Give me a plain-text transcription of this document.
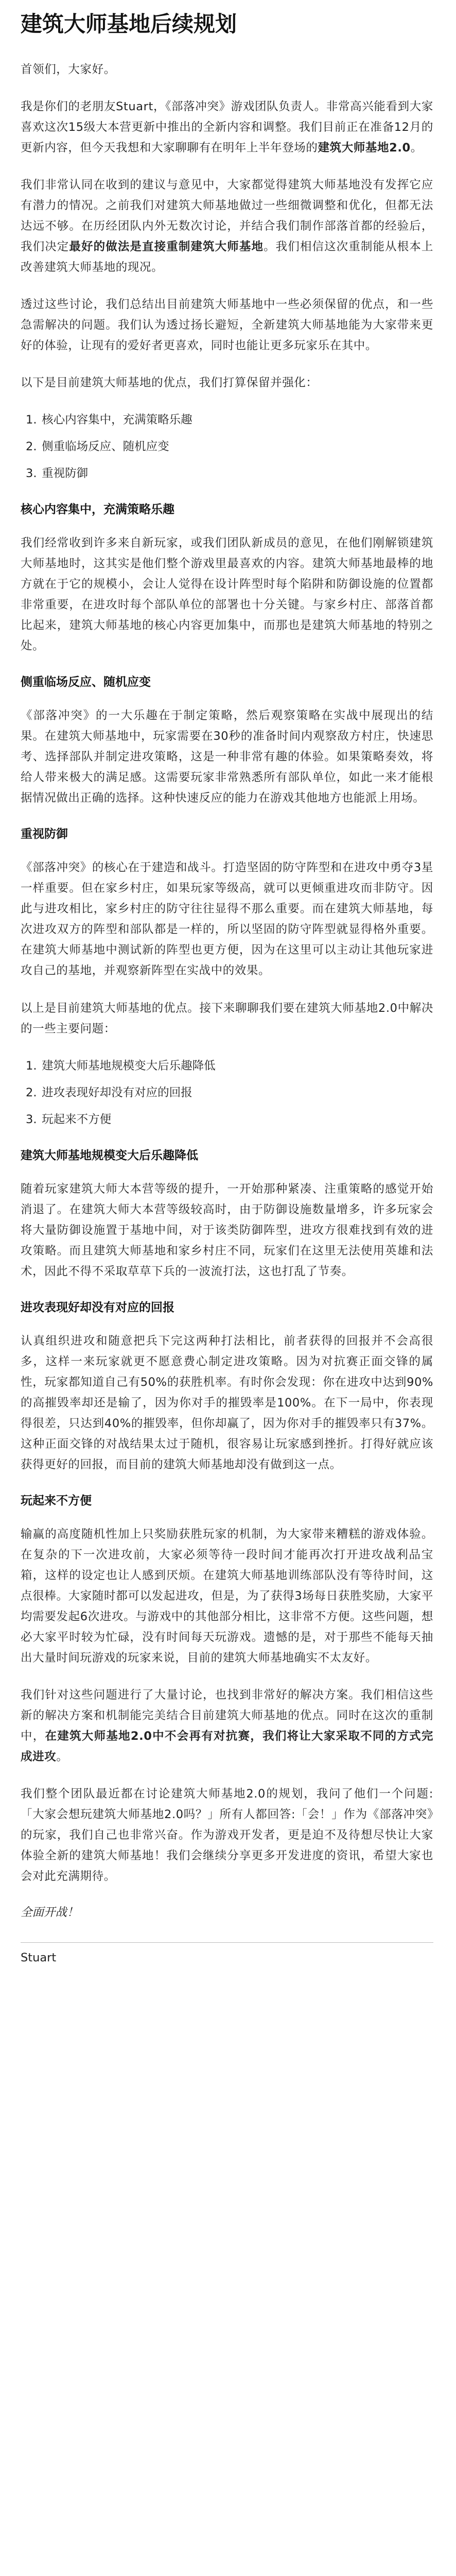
建筑大师基地后续规划

首领们，大家好。

我是你们的老朋友Stuart，《部落冲突》游戏团队负责人。非常高兴能看到大家喜欢这次15级大本营更新中推出的全新内容和调整。我们目前正在准备12月的更新内容，但今天我想和大家聊聊有在明年上半年登场的建筑大师基地2.0。

我们非常认同在收到的建议与意见中，大家都觉得建筑大师基地没有发挥它应有潜力的情况。之前我们对建筑大师基地做过一些细微调整和优化，但都无法达远不够。在历经团队内外无数次讨论，并结合我们制作部落首都的经验后，我们决定最好的做法是直接重制建筑大师基地。我们相信这次重制能从根本上改善建筑大师基地的现况。

透过这些讨论，我们总结出目前建筑大师基地中一些必须保留的优点，和一些急需解决的问题。我们认为透过扬长避短，全新建筑大师基地能为大家带来更好的体验，让现有的爱好者更喜欢，同时也能让更多玩家乐在其中。

以下是目前建筑大师基地的优点，我们打算保留并强化：

1. 核心内容集中，充满策略乐趣
2. 侧重临场反应、随机应变
3. 重视防御
核心内容集中，充满策略乐趣

我们经常收到许多来自新玩家，或我们团队新成员的意见，在他们刚解锁建筑大师基地时，这其实是他们整个游戏里最喜欢的内容。建筑大师基地最棒的地方就在于它的规模小，会让人觉得在设计阵型时每个陷阱和防御设施的位置都非常重要，在进攻时每个部队单位的部署也十分关键。与家乡村庄、部落首都比起来，建筑大师基地的核心内容更加集中，而那也是建筑大师基地的特别之处。

侧重临场反应、随机应变

《部落冲突》的一大乐趣在于制定策略，然后观察策略在实战中展现出的结果。在建筑大师基地中，玩家需要在30秒的准备时间内观察敌方村庄，快速思考、选择部队并制定进攻策略，这是一种非常有趣的体验。如果策略奏效，将给人带来极大的满足感。这需要玩家非常熟悉所有部队单位，如此一来才能根据情况做出正确的选择。这种快速反应的能力在游戏其他地方也能派上用场。

重视防御

《部落冲突》的核心在于建造和战斗。打造坚固的防守阵型和在进攻中勇夺3星一样重要。但在家乡村庄，如果玩家等级高，就可以更倾重进攻而非防守。因此与进攻相比，家乡村庄的防守往往显得不那么重要。而在建筑大师基地，每次进攻双方的阵型和部队都是一样的，所以坚固的防守阵型就显得格外重要。在建筑大师基地中测试新的阵型也更方便，因为在这里可以主动让其他玩家进攻自己的基地，并观察新阵型在实战中的效果。

以上是目前建筑大师基地的优点。接下来聊聊我们要在建筑大师基地2.0中解决的一些主要问题：

1. 建筑大师基地规模变大后乐趣降低
2. 进攻表现好却没有对应的回报
3. 玩起来不方便
建筑大师基地规模变大后乐趣降低

随着玩家建筑大师大本营等级的提升，一开始那种紧凑、注重策略的感觉开始消退了。在建筑大师大本营等级较高时，由于防御设施数量增多，许多玩家会将大量防御设施置于基地中间，对于该类防御阵型，进攻方很难找到有效的进攻策略。而且建筑大师基地和家乡村庄不同，玩家们在这里无法使用英雄和法术，因此不得不采取草草下兵的一波流打法，这也打乱了节奏。

进攻表现好却没有对应的回报

认真组织进攻和随意把兵下完这两种打法相比，前者获得的回报并不会高很多，这样一来玩家就更不愿意费心制定进攻策略。因为对抗赛正面交锋的属性，玩家都知道自己有50%的获胜机率。有时你会发现：你在进攻中达到90%的高摧毁率却还是输了，因为你对手的摧毁率是100%。在下一局中，你表现得很差，只达到40%的摧毁率，但你却赢了，因为你对手的摧毁率只有37%。这种正面交锋的对战结果太过于随机，很容易让玩家感到挫折。打得好就应该获得更好的回报，而目前的建筑大师基地却没有做到这一点。

玩起来不方便

输赢的高度随机性加上只奖励获胜玩家的机制，为大家带来糟糕的游戏体验。在复杂的下一次进攻前，大家必须等待一段时间才能再次打开进攻战利品宝箱，这样的设定也让人感到厌烦。在建筑大师基地训练部队没有等待时间，这点很棒。大家随时都可以发起进攻，但是，为了获得3场每日获胜奖励，大家平均需要发起6次进攻。与游戏中的其他部分相比，这非常不方便。这些问题，想必大家平时较为忙碌，没有时间每天玩游戏。遗憾的是，对于那些不能每天抽出大量时间玩游戏的玩家来说，目前的建筑大师基地确实不太友好。

我们针对这些问题进行了大量讨论，也找到非常好的解决方案。我们相信这些新的解决方案和机制能完美结合目前建筑大师基地的优点。同时在这次的重制中，在建筑大师基地2.0中不会再有对抗赛，我们将让大家采取不同的方式完成进攻。

我们整个团队最近都在讨论建筑大师基地2.0的规划，我问了他们一个问题:「大家会想玩建筑大师基地2.0吗？」所有人都回答:「会！」作为《部落冲突》的玩家，我们自己也非常兴奋。作为游戏开发者，更是迫不及待想尽快让大家体验全新的建筑大师基地！我们会继续分享更多开发进度的资讯，希望大家也会对此充满期待。

全面开战！
Stuart
